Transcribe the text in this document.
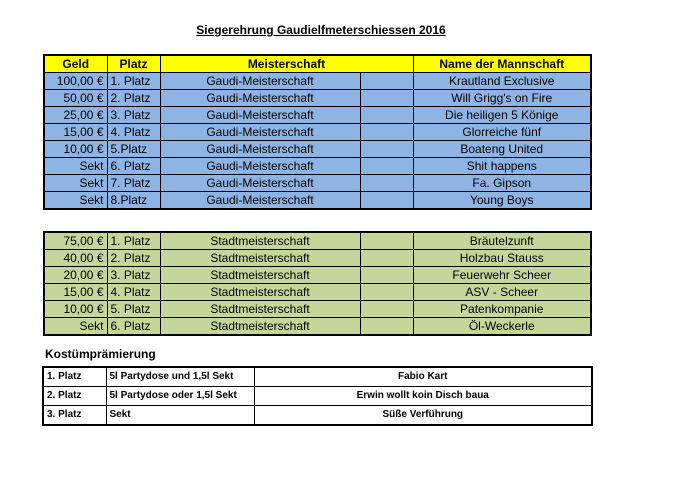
Siegerehrung Gaudielfmeterschiessen 2016
Geld	Platz	Meisterschaft		Name der Mannschaft
100,00 €	1. Platz	Gaudi-Meisterschaft		Krautland Exclusive
50,00 €	2. Platz	Gaudi-Meisterschaft		Will Grigg's on Fire
25,00 €	3. Platz	Gaudi-Meisterschaft		Die heiligen 5 Könige
15,00 €	4. Platz	Gaudi-Meisterschaft		Glorreiche fünf
10,00 €	5.Platz	Gaudi-Meisterschaft		Boateng United
Sekt	6. Platz	Gaudi-Meisterschaft		Shit happens
Sekt	7. Platz	Gaudi-Meisterschaft		Fa. Gipson
Sekt	8.Platz	Gaudi-Meisterschaft		Young Boys
75,00 €	1. Platz	Stadtmeisterschaft		Bräutelzunft
40,00 €	2. Platz	Stadtmeisterschaft		Holzbau Stauss
20,00 €	3. Platz	Stadtmeisterschaft		Feuerwehr Scheer
15,00 €	4. Platz	Stadtmeisterschaft		ASV - Scheer
10,00 €	5. Platz	Stadtmeisterschaft		Patenkompanie
Sekt	6. Platz	Stadtmeisterschaft		Öl-Weckerle
Kostümprämierung
1. Platz	5l Partydose und 1,5l Sekt	Fabio Kart
2. Platz	5l Partydose oder 1,5l Sekt	Erwin wollt koin Disch baua
3. Platz	Sekt	Süße Verführung
